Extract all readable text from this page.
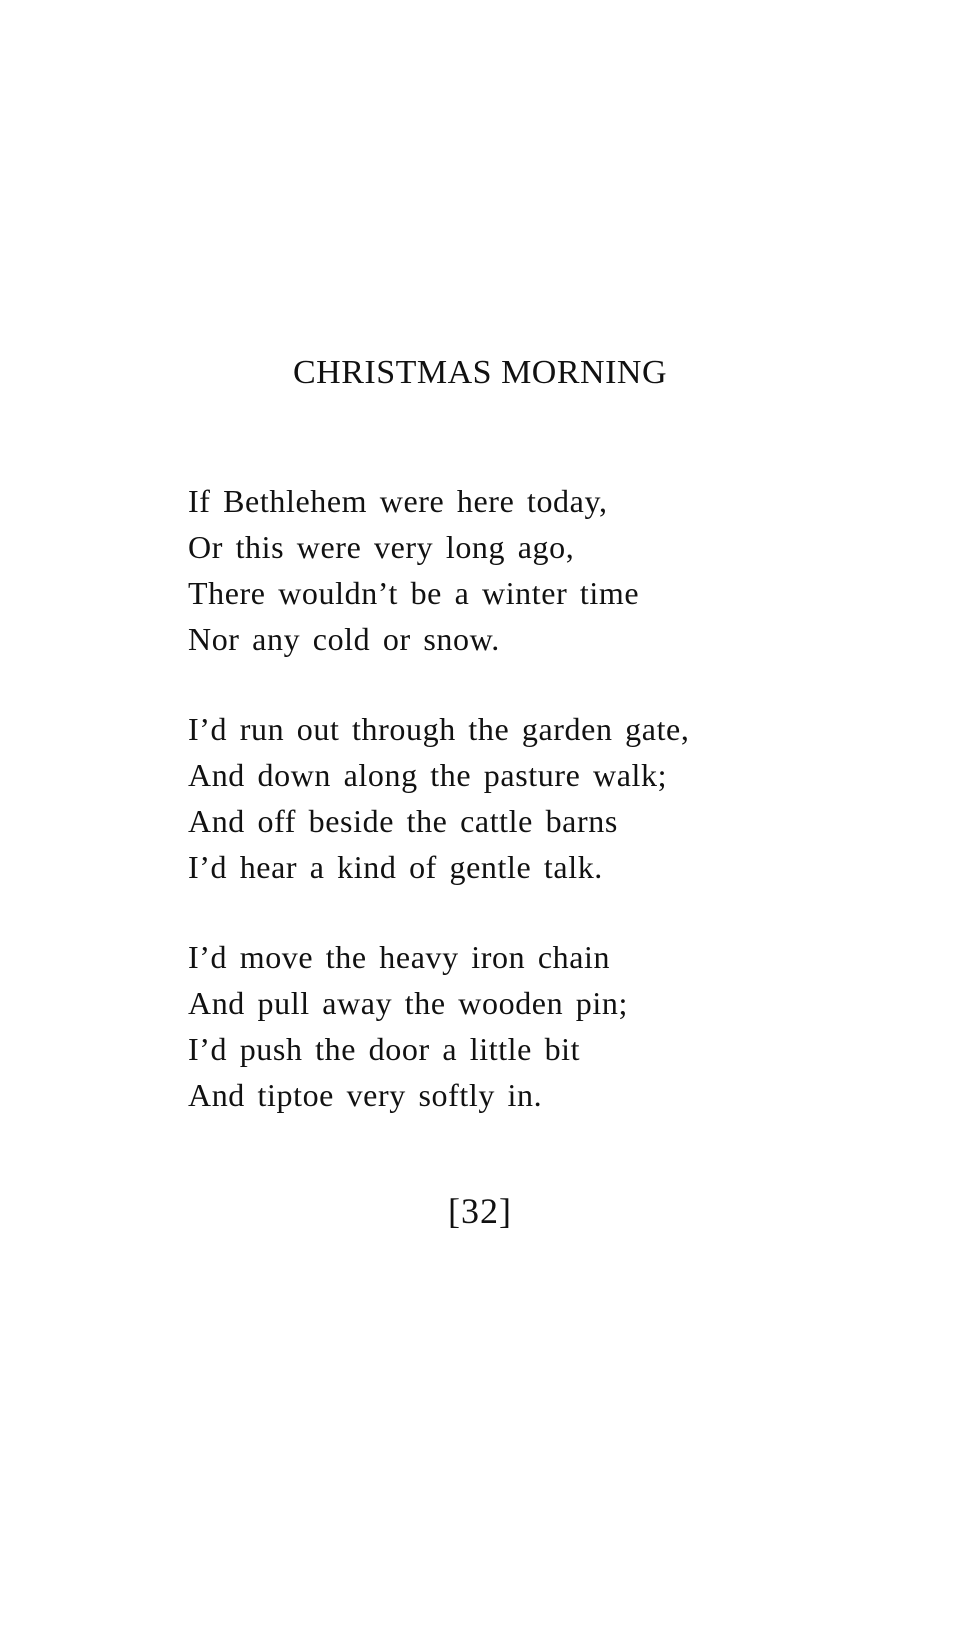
CHRISTMAS MORNING
If Bethlehem were here today,
Or this were very long ago,
There wouldn’t be a winter time
Nor any cold or snow.
I’d run out through the garden gate,
And down along the pasture walk;
And off beside the cattle barns
I’d hear a kind of gentle talk.
I’d move the heavy iron chain
And pull away the wooden pin;
I’d push the door a little bit
And tiptoe very softly in.
[32]
